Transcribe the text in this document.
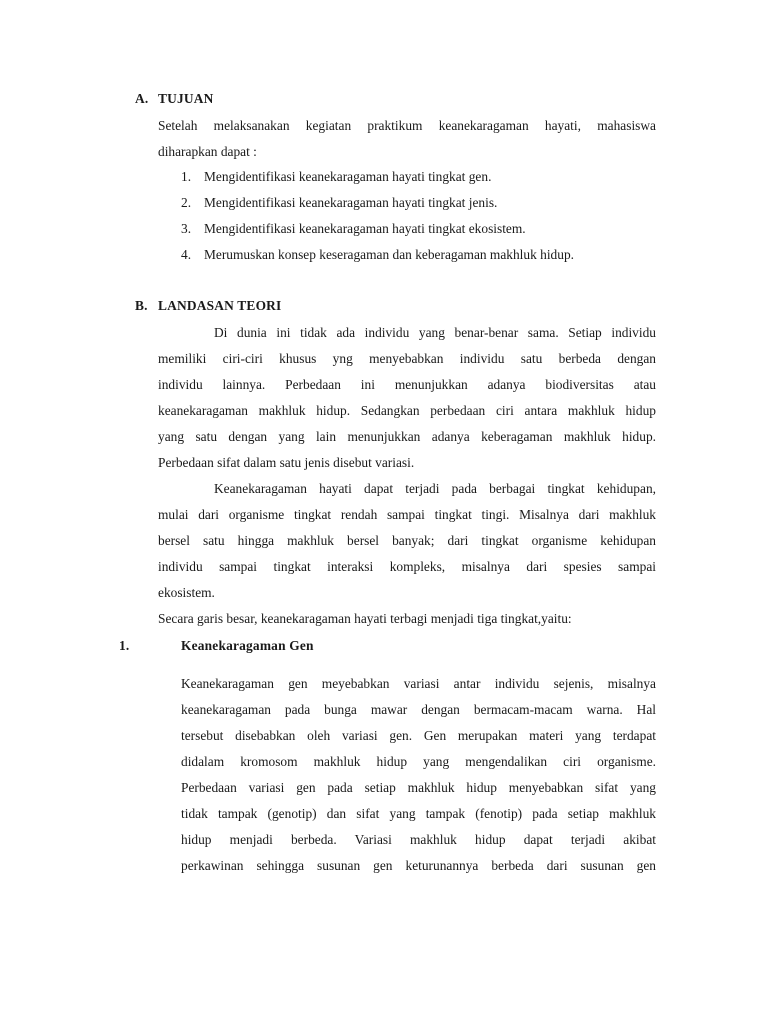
A. TUJUAN
Setelah melaksanakan kegiatan praktikum keanekaragaman hayati, mahasiswa
diharapkan dapat :
1. Mengidentifikasi keanekaragaman hayati tingkat gen.
2. Mengidentifikasi keanekaragaman hayati tingkat jenis.
3. Mengidentifikasi keanekaragaman hayati tingkat ekosistem.
4. Merumuskan konsep keseragaman dan keberagaman makhluk hidup.
B. LANDASAN TEORI
Di dunia ini tidak ada individu yang benar-benar sama. Setiap individu
memiliki ciri-ciri khusus yng menyebabkan individu satu berbeda dengan
individu lainnya. Perbedaan ini menunjukkan adanya biodiversitas atau
keanekaragaman makhluk hidup. Sedangkan perbedaan ciri antara makhluk hidup
yang satu dengan yang lain menunjukkan adanya keberagaman makhluk hidup.
Perbedaan sifat dalam satu jenis disebut variasi.
Keanekaragaman hayati dapat terjadi pada berbagai tingkat kehidupan,
mulai dari organisme tingkat rendah sampai tingkat tingi. Misalnya dari makhluk
bersel satu hingga makhluk bersel banyak; dari tingkat organisme kehidupan
individu sampai tingkat interaksi kompleks, misalnya dari spesies sampai
ekosistem.
Secara garis besar, keanekaragaman hayati terbagi menjadi tiga tingkat,yaitu:
1.	Keanekaragaman Gen
Keanekaragaman gen meyebabkan variasi antar individu sejenis, misalnya
keanekaragaman pada bunga mawar dengan bermacam-macam warna. Hal
tersebut disebabkan oleh variasi gen. Gen merupakan materi yang terdapat
didalam kromosom makhluk hidup yang mengendalikan ciri organisme.
Perbedaan variasi gen pada setiap makhluk hidup menyebabkan sifat yang
tidak tampak (genotip) dan sifat yang tampak (fenotip) pada setiap makhluk
hidup menjadi berbeda. Variasi makhluk hidup dapat terjadi akibat
perkawinan sehingga susunan gen keturunannya berbeda dari susunan gen
